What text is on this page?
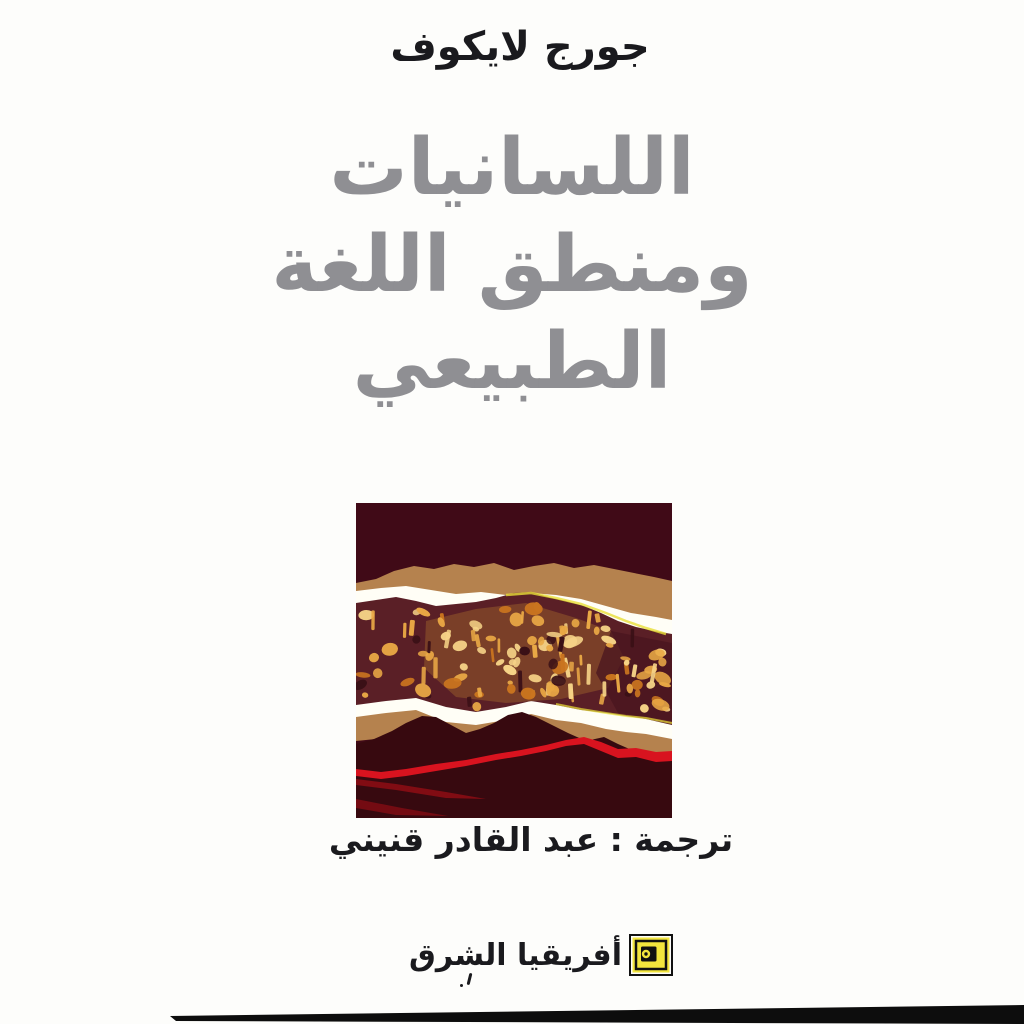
جورج لايكوف
اللسانيات
ومنطق اللغة
الطبيعي
ترجمة : عبد القادر قنيني
أفريقيا الشرق
